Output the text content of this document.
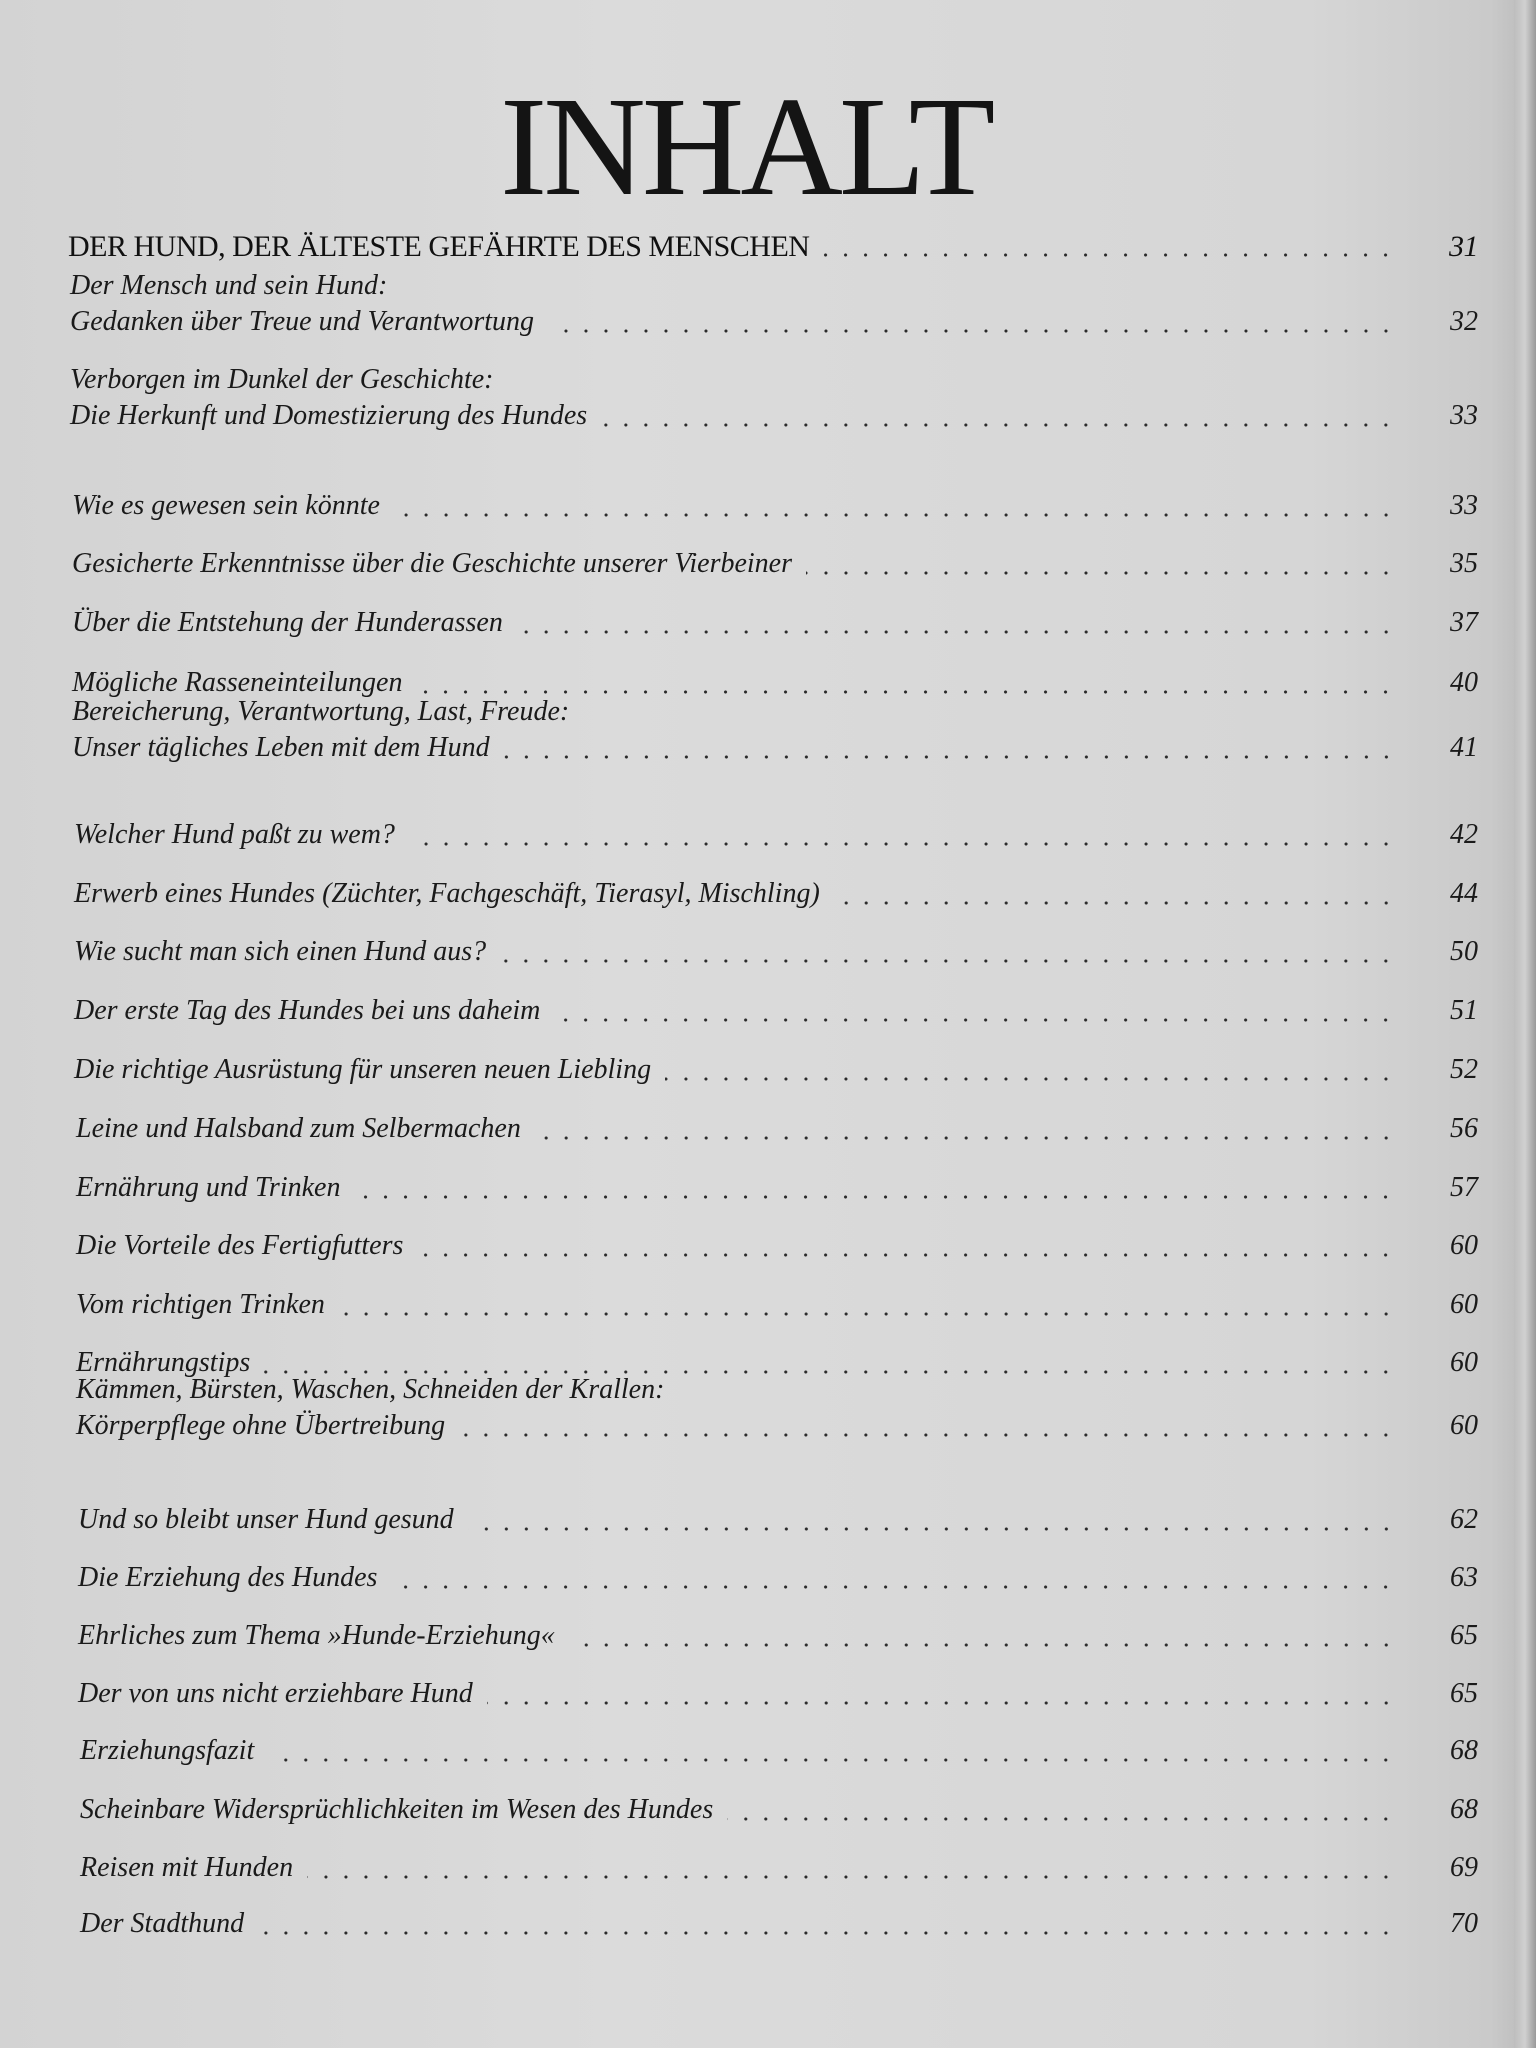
INHALT
DER HUND, DER ÄLTESTE GEFÄHRTE DES MENSCHEN	31
Der Mensch und sein Hund:
Gedanken über Treue und Verantwortung	32
Verborgen im Dunkel der Geschichte:
Die Herkunft und Domestizierung des Hundes	33
Wie es gewesen sein könnte	33
Gesicherte Erkenntnisse über die Geschichte unserer Vierbeiner	35
Über die Entstehung der Hunderassen	37
Mögliche Rasseneinteilungen	40
Bereicherung, Verantwortung, Last, Freude:
Unser tägliches Leben mit dem Hund	41
Welcher Hund paßt zu wem?	42
Erwerb eines Hundes (Züchter, Fachgeschäft, Tierasyl, Mischling)	44
Wie sucht man sich einen Hund aus?	50
Der erste Tag des Hundes bei uns daheim	51
Die richtige Ausrüstung für unseren neuen Liebling	52
Leine und Halsband zum Selbermachen	56
Ernährung und Trinken	57
Die Vorteile des Fertigfutters	60
Vom richtigen Trinken	60
Ernährungstips	60
Kämmen, Bürsten, Waschen, Schneiden der Krallen:
Körperpflege ohne Übertreibung	60
Und so bleibt unser Hund gesund	62
Die Erziehung des Hundes	63
Ehrliches zum Thema »Hunde-Erziehung«	65
Der von uns nicht erziehbare Hund	65
Erziehungsfazit	68
Scheinbare Widersprüchlichkeiten im Wesen des Hundes	68
Reisen mit Hunden	69
Der Stadthund	70
